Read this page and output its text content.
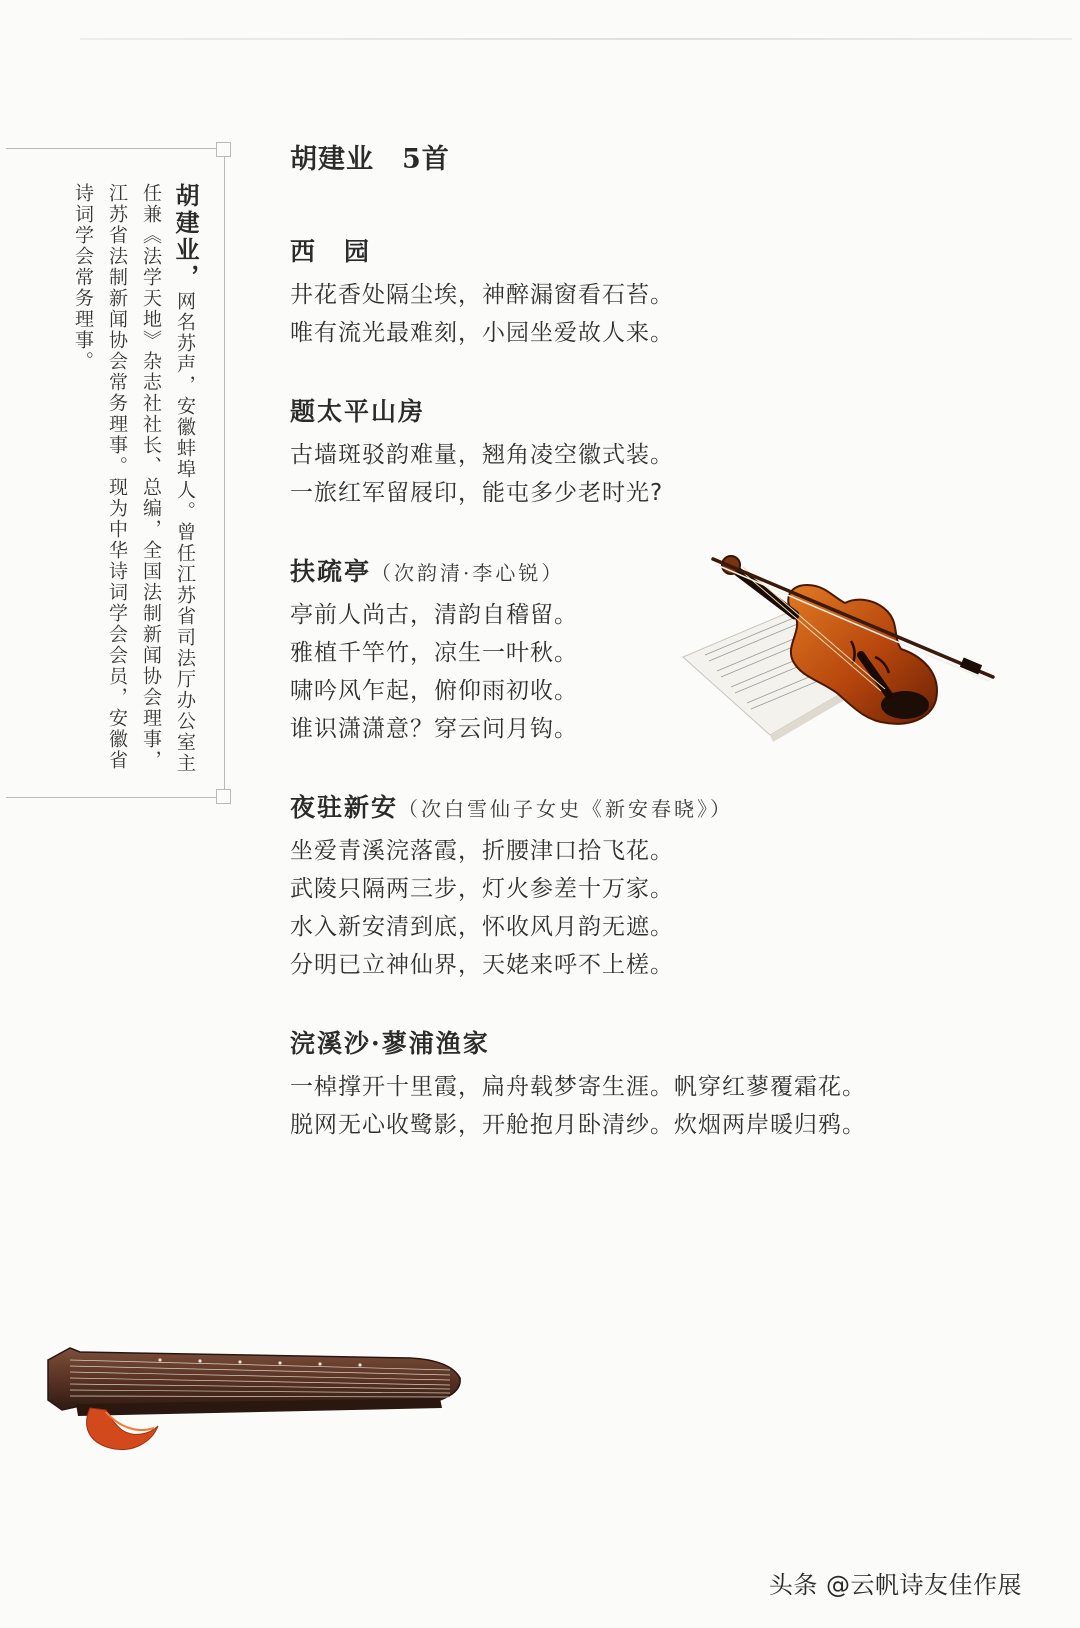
胡建业，网名苏声，安徽蚌埠人。曾任江苏省司法厅办公室主任兼《法学天地》杂志社社长、总编，全国法制新闻协会理事，江苏省法制新闻协会常务理事。现为中华诗词学会会员，安徽省诗词学会常务理事。
胡建业　5首
西　园
井花香处隔尘埃，神醉漏窗看石苔。
唯有流光最难刻，小园坐爱故人来。
题太平山房
古墙斑驳韵难量，翘角凌空徽式装。
一旅红军留屐印，能屯多少老时光?
扶疏亭（次韵清·李心锐）
亭前人尚古，清韵自稽留。
雅植千竿竹，凉生一叶秋。
啸吟风乍起，俯仰雨初收。
谁识潇潇意？穿云问月钩。
夜驻新安（次白雪仙子女史《新安春晓》）
坐爱青溪浣落霞，折腰津口拾飞花。
武陵只隔两三步，灯火参差十万家。
水入新安清到底，怀收风月韵无遮。
分明已立神仙界，天姥来呼不上槎。
浣溪沙·蓼浦渔家
一棹撑开十里霞，扁舟载梦寄生涯。帆穿红蓼覆霜花。
脱网无心收鹭影，开舱抱月卧清纱。炊烟两岸暖归鸦。
头条 @云帆诗友佳作展
